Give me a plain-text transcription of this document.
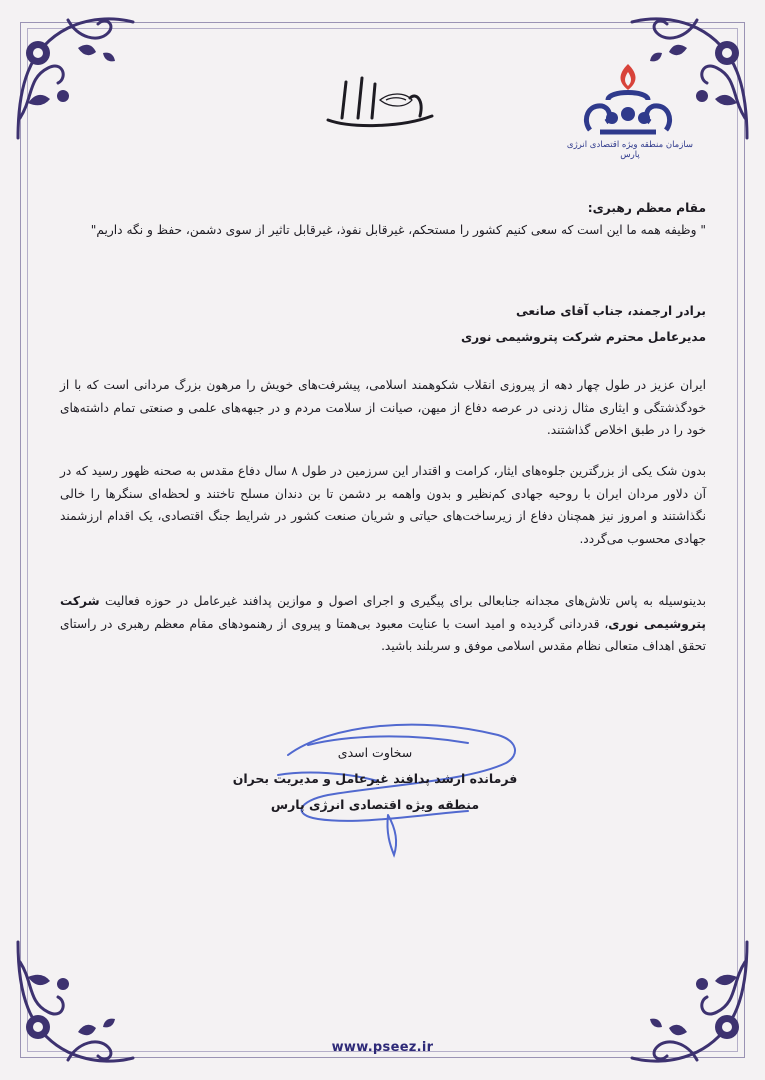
سازمان منطقه ویژه اقتصادی انرژی پارس
مقام معظم رهبری:
" وظیفه همه ما این است که سعی کنیم کشور را مستحکم، غیرقابل نفوذ، غیرقابل تاثیر از سوی دشمن، حفظ و نگه داریم"
برادر ارجمند، جناب آقای صانعی
مدیرعامل محترم شرکت پتروشیمی نوری
ایران عزیز در طول چهار دهه از پیروزی انقلاب شکوهمند اسلامی، پیشرفت‌های خویش را مرهون بزرگ مردانی است که با از خودگذشتگی و ایثاری مثال زدنی در عرصه دفاع از میهن، صیانت از سلامت مردم و در جبهه‌های علمی و صنعتی تمام داشته‌های خود را در طبق اخلاص گذاشتند.
بدون شک یکی از بزرگترین جلوه‌های ایثار، کرامت و اقتدار این سرزمین در طول ۸ سال دفاع مقدس به صحنه ظهور رسید که در آن دلاور مردان ایران با روحیه جهادی کم‌نظیر و بدون واهمه بر دشمن تا بن دندان مسلح تاختند و لحظه‌ای سنگرها را خالی نگذاشتند و امروز نیز همچنان دفاع از زیرساخت‌های حیاتی و شریان صنعت کشور در شرایط جنگ اقتصادی، یک اقدام ارزشمند جهادی محسوب می‌گردد.
بدینوسیله به پاس تلاش‌های مجدانه جنابعالی برای پیگیری و اجرای اصول و موازین پدافند غیرعامل در حوزه فعالیت شرکت پتروشیمی نوری، قدردانی گردیده و امید است با عنایت معبود بی‌همتا و پیروی از رهنمودهای مقام معظم رهبری در راستای تحقق اهداف متعالی نظام مقدس اسلامی موفق و سربلند باشید.
سخاوت اسدی
فرمانده ارشد پدافند غیرعامل و مدیریت بحران
منطقه ویژه اقتصادی انرژی پارس
www.pseez.ir
